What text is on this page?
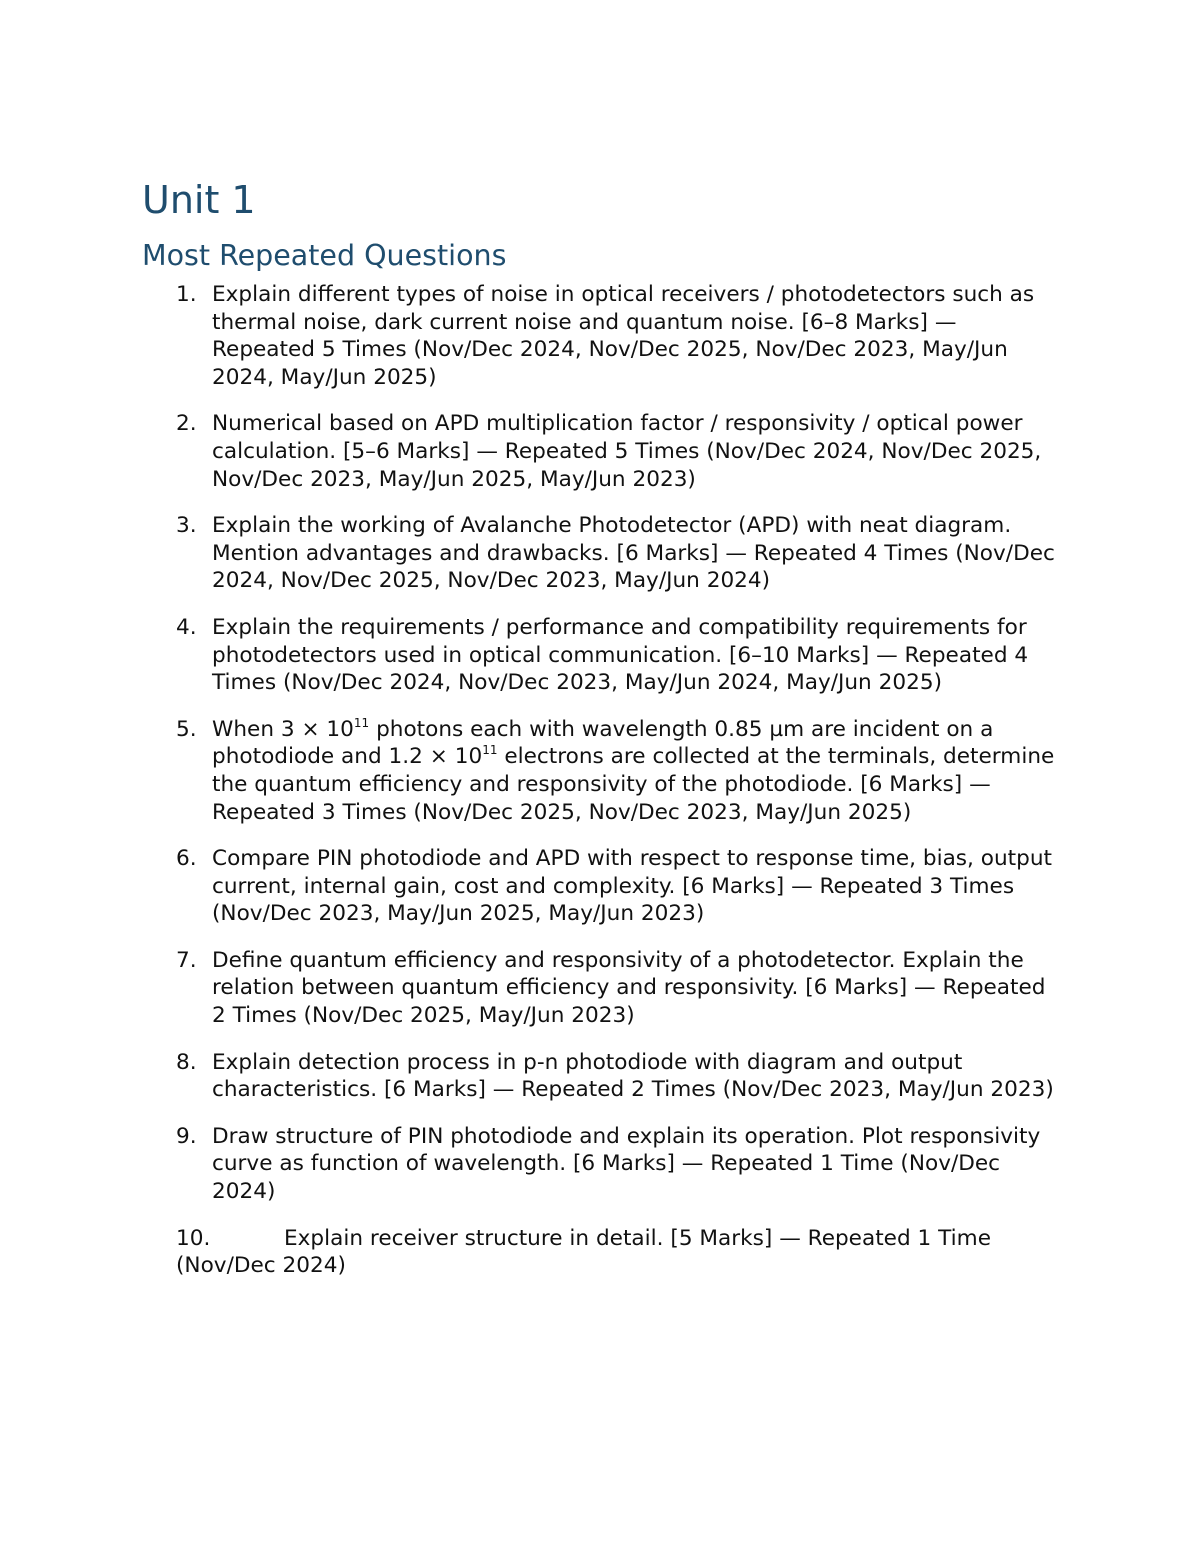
Unit 1
Most Repeated Questions
1. Explain different types of noise in optical receivers / photodetectors such as thermal noise, dark current noise and quantum noise. [6–8 Marks] — Repeated 5 Times (Nov/Dec 2024, Nov/Dec 2025, Nov/Dec 2023, May/Jun 2024, May/Jun 2025)
2. Numerical based on APD multiplication factor / responsivity / optical power calculation. [5–6 Marks] — Repeated 5 Times (Nov/Dec 2024, Nov/Dec 2025, Nov/Dec 2023, May/Jun 2025, May/Jun 2023)
3. Explain the working of Avalanche Photodetector (APD) with neat diagram. Mention advantages and drawbacks. [6 Marks] — Repeated 4 Times (Nov/Dec 2024, Nov/Dec 2025, Nov/Dec 2023, May/Jun 2024)
4. Explain the requirements / performance and compatibility requirements for photodetectors used in optical communication. [6–10 Marks] — Repeated 4 Times (Nov/Dec 2024, Nov/Dec 2023, May/Jun 2024, May/Jun 2025)
5. When $3 \times 10^{11}$ photons each with wavelength 0.85 µm are incident on a photodiode and $1.2 \times 10^{11}$ electrons are collected at the terminals, determine the quantum efficiency and responsivity of the photodiode. [6 Marks] — Repeated 3 Times (Nov/Dec 2025, Nov/Dec 2023, May/Jun 2025)
6. Compare PIN photodiode and APD with respect to response time, bias, output current, internal gain, cost and complexity. [6 Marks] — Repeated 3 Times (Nov/Dec 2023, May/Jun 2025, May/Jun 2023)
7. Define quantum efficiency and responsivity of a photodetector. Explain the relation between quantum efficiency and responsivity. [6 Marks] — Repeated 2 Times (Nov/Dec 2025, May/Jun 2023)
8. Explain detection process in p-n photodiode with diagram and output characteristics. [6 Marks] — Repeated 2 Times (Nov/Dec 2023, May/Jun 2023)
9. Draw structure of PIN photodiode and explain its operation. Plot responsivity curve as function of wavelength. [6 Marks] — Repeated 1 Time (Nov/Dec 2024)
10.	Explain receiver structure in detail. [5 Marks] — Repeated 1 Time (Nov/Dec 2024)
